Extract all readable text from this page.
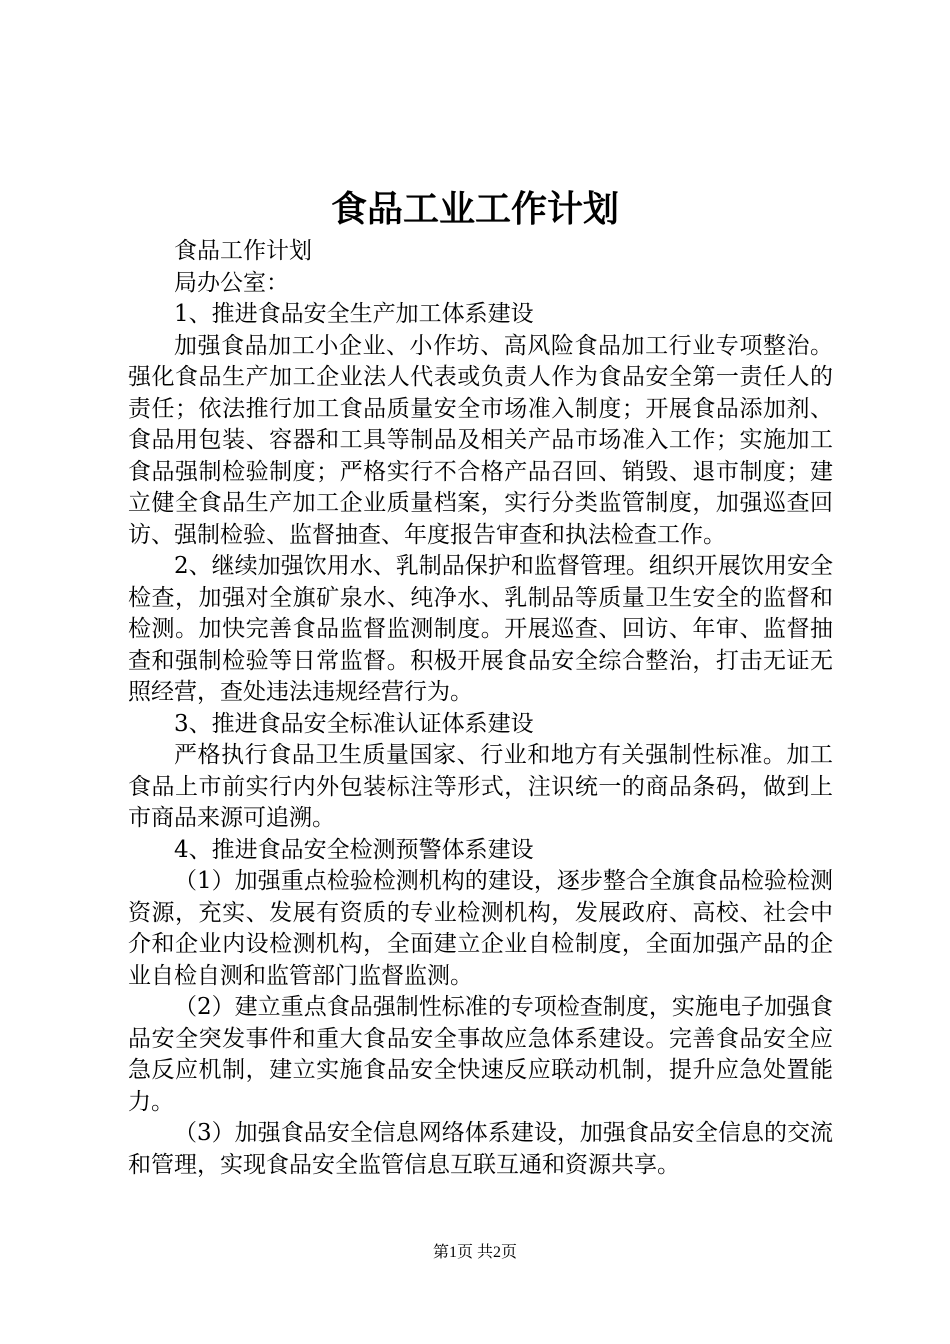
食品工业工作计划

食品工作计划

局办公室：

1、推进食品安全生产加工体系建设

加强食品加工小企业、小作坊、高风险食品加工行业专项整治。强化食品生产加工企业法人代表或负责人作为食品安全第一责任人的责任；依法推行加工食品质量安全市场准入制度；开展食品添加剂、食品用包装、容器和工具等制品及相关产品市场准入工作；实施加工食品强制检验制度；严格实行不合格产品召回、销毁、退市制度；建立健全食品生产加工企业质量档案，实行分类监管制度，加强巡查回访、强制检验、监督抽查、年度报告审查和执法检查工作。

2、继续加强饮用水、乳制品保护和监督管理。组织开展饮用安全检查，加强对全旗矿泉水、纯净水、乳制品等质量卫生安全的监督和检测。加快完善食品监督监测制度。开展巡查、回访、年审、监督抽查和强制检验等日常监督。积极开展食品安全综合整治，打击无证无照经营，查处违法违规经营行为。

3、推进食品安全标准认证体系建设

严格执行食品卫生质量国家、行业和地方有关强制性标准。加工食品上市前实行内外包装标注等形式，注识统一的商品条码，做到上市商品来源可追溯。

4、推进食品安全检测预警体系建设

（1）加强重点检验检测机构的建设，逐步整合全旗食品检验检测资源，充实、发展有资质的专业检测机构，发展政府、高校、社会中介和企业内设检测机构，全面建立企业自检制度，全面加强产品的企业自检自测和监管部门监督监测。

（2）建立重点食品强制性标准的专项检查制度，实施电子加强食品安全突发事件和重大食品安全事故应急体系建设。完善食品安全应急反应机制，建立实施食品安全快速反应联动机制，提升应急处置能力。

（3）加强食品安全信息网络体系建设，加强食品安全信息的交流和管理，实现食品安全监管信息互联互通和资源共享。

第1页 共2页
